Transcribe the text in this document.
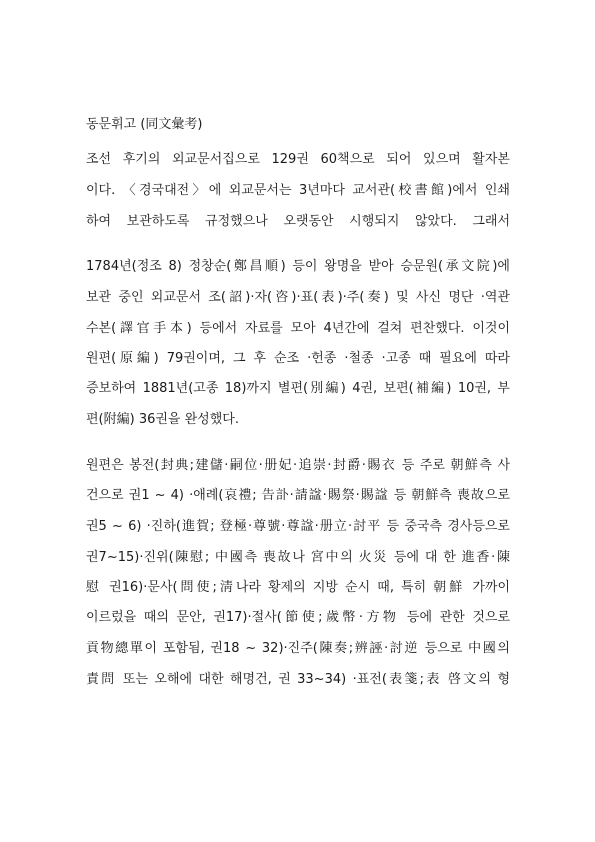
동문휘고 (同文彙考)
조선 후기의 외교문서집으로 129권 60책으로 되어 있으며 활자본
이다. 〈경국대전〉에 외교문서는 3년마다 교서관(校書館)에서 인쇄
하여 보관하도록 규정했으나 오랫동안 시행되지 않았다. 그래서
1784년(정조 8) 정창순(鄭昌順) 등이 왕명을 받아 승문원(承文院)에
보관 중인 외교문서 조(詔)·자(咨)·표(表)·주(奏) 및 사신 명단 ·역관
수본(譯官手本) 등에서 자료를 모아 4년간에 걸쳐 편찬했다. 이것이
원편(原編) 79권이며, 그 후 순조 ·헌종 ·철종 ·고종 때 필요에 따라
증보하여 1881년(고종 18)까지 별편(別編) 4권, 보편(補編) 10권, 부
편(附編) 36권을 완성했다.
원편은 봉전(封典;建儲·嗣位·册妃·追崇·封爵·賜衣 등 주로 朝鮮측 사
건으로 권1 ~ 4) ·애례(哀禮; 告訃·請諡·賜祭·賜諡 등 朝鮮측 喪故으로
권5 ~ 6) ·진하(進賀; 登極·尊號·尊諡·册立·討平 등 중국측 경사등으로
권7~15)·진위(陳慰; 中國측 喪故나 宮中의 火災 등에 대 한 進香·陳
慰 권16)·문사(問使;淸나라 황제의 지방 순시 때, 특히 朝鮮 가까이
이르렀을 때의 문안, 권17)·절사(節使;歲幣·方物 등에 관한 것으로
貢物總單이 포함됨, 권18 ~ 32)·진주(陳奏;辨誣·討逆 등으로 中國의
責問 또는 오해에 대한 해명건, 권 33~34) ·표전(表箋;表 啓文의 형
